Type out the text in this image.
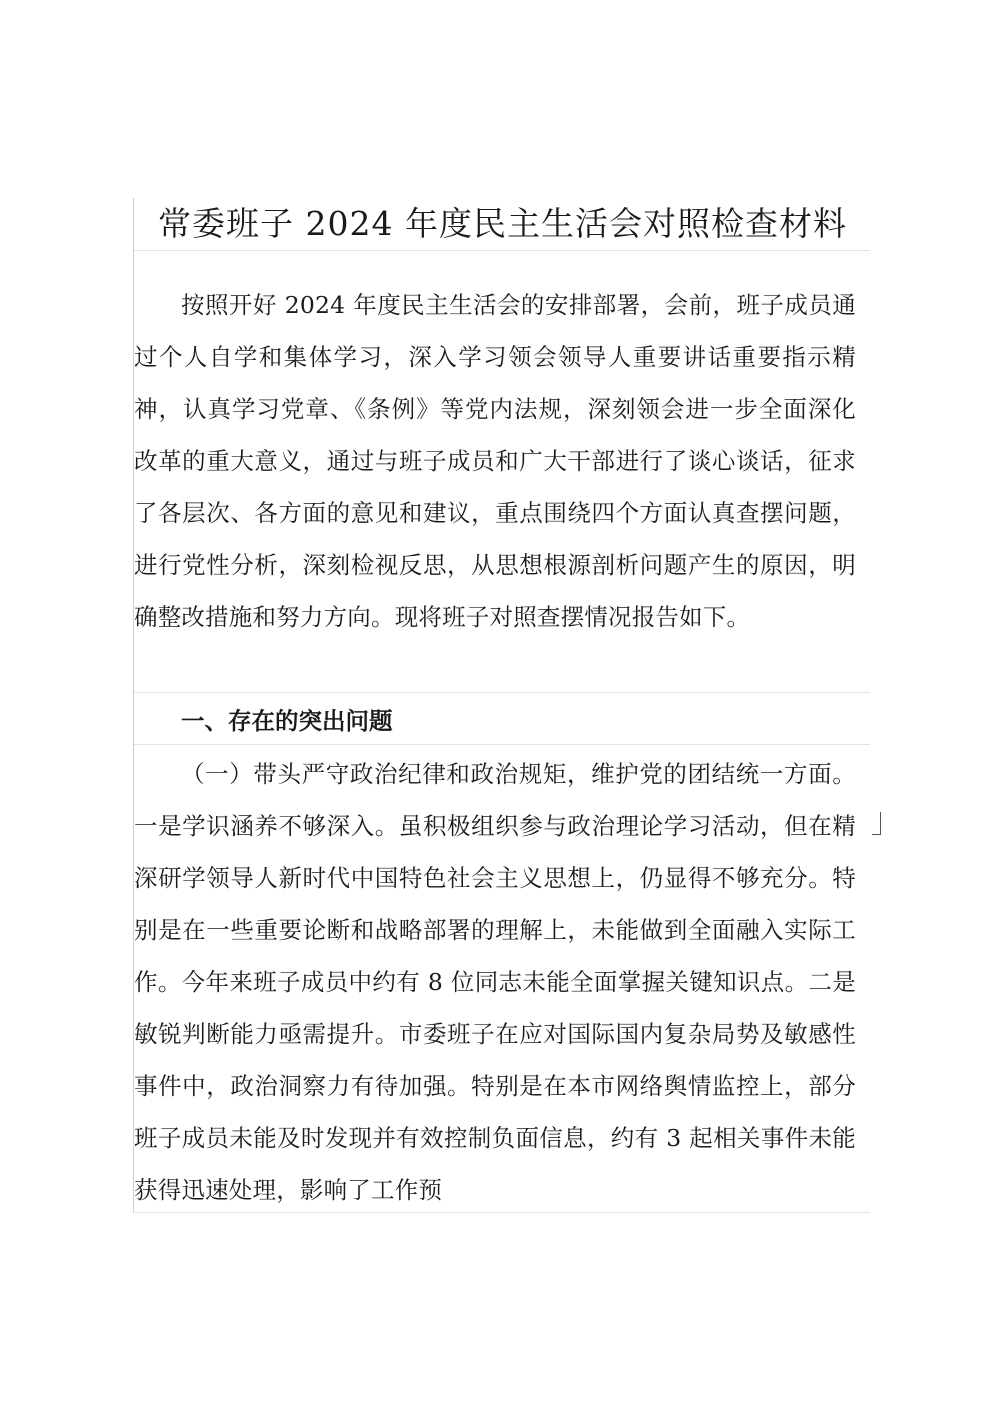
常委班子 2024 年度民主生活会对照检查材料

按照开好 2024 年度民主生活会的安排部署，会前，班子成员通过个人自学和集体学习，深入学习领会领导人重要讲话重要指示精神，认真学习党章、《条例》等党内法规，深刻领会进一步全面深化改革的重大意义，通过与班子成员和广大干部进行了谈心谈话，征求了各层次、各方面的意见和建议，重点围绕四个方面认真查摆问题，进行党性分析，深刻检视反思，从思想根源剖析问题产生的原因，明确整改措施和努力方向。现将班子对照查摆情况报告如下。

一、存在的突出问题

（一）带头严守政治纪律和政治规矩，维护党的团结统一方面。一是学识涵养不够深入。虽积极组织参与政治理论学习活动，但在精深研学领导人新时代中国特色社会主义思想上，仍显得不够充分。特别是在一些重要论断和战略部署的理解上，未能做到全面融入实际工作。今年来班子成员中约有 8 位同志未能全面掌握关键知识点。二是敏锐判断能力亟需提升。市委班子在应对国际国内复杂局势及敏感性事件中，政治洞察力有待加强。特别是在本市网络舆情监控上，部分班子成员未能及时发现并有效控制负面信息，约有 3 起相关事件未能获得迅速处理，影响了工作预
